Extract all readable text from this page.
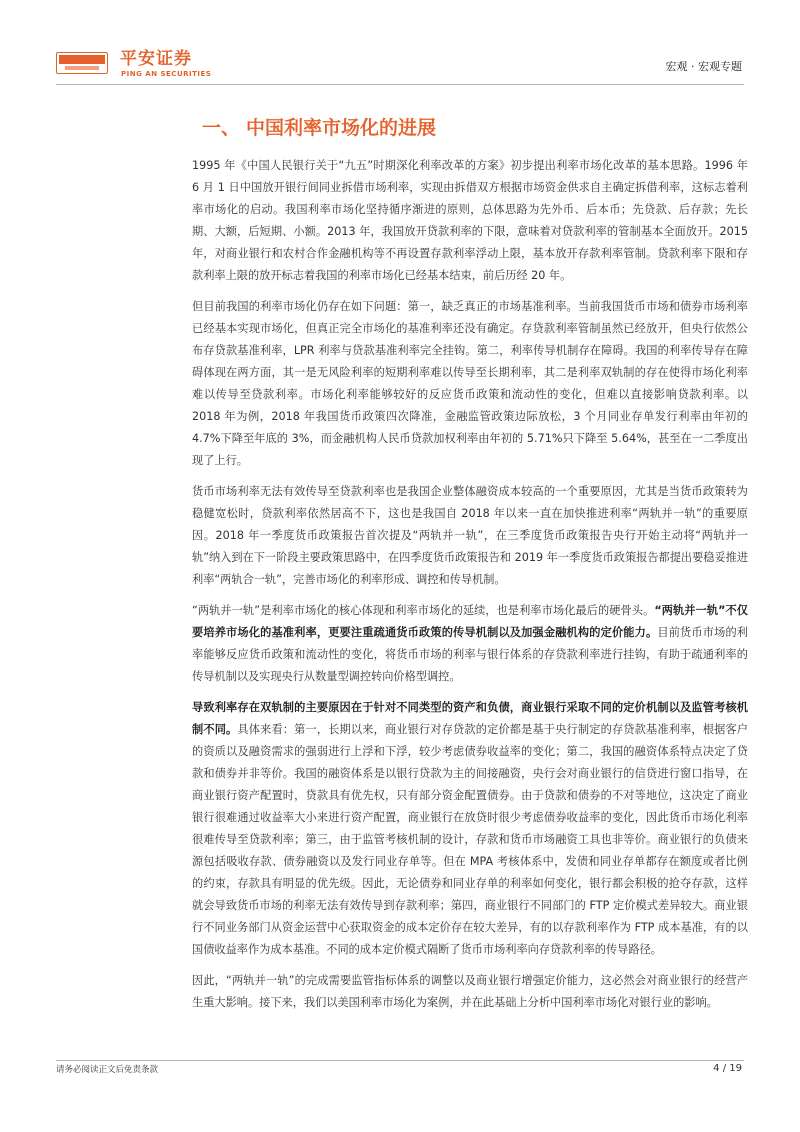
平安证券
PING AN SECURITIES
宏观 · 宏观专题
一、 中国利率市场化的进展

1995 年《中国人民银行关于“九五”时期深化利率改革的方案》初步提出利率市场化改革的基本思路。1996 年 6 月 1 日中国放开银行间同业拆借市场利率，实现由拆借双方根据市场资金供求自主确定拆借利率，这标志着利率市场化的启动。我国利率市场化坚持循序渐进的原则，总体思路为先外币、后本币；先贷款、后存款；先长期、大额，后短期、小额。2013 年，我国放开贷款利率的下限，意味着对贷款利率的管制基本全面放开。2015 年，对商业银行和农村合作金融机构等不再设置存款利率浮动上限，基本放开存款利率管制。贷款利率下限和存款利率上限的放开标志着我国的利率市场化已经基本结束，前后历经 20 年。

但目前我国的利率市场化仍存在如下问题：第一，缺乏真正的市场基准利率。当前我国货币市场和债券市场利率已经基本实现市场化，但真正完全市场化的基准利率还没有确定。存贷款利率管制虽然已经放开，但央行依然公布存贷款基准利率，LPR 利率与贷款基准利率完全挂钩。第二，利率传导机制存在障碍。我国的利率传导存在障碍体现在两方面，其一是无风险利率的短期利率难以传导至长期利率，其二是利率双轨制的存在使得市场化利率难以传导至贷款利率。市场化利率能够较好的反应货币政策和流动性的变化，但难以直接影响贷款利率。以 2018 年为例，2018 年我国货币政策四次降准，金融监管政策边际放松，3 个月同业存单发行利率由年初的 4.7%下降至年底的 3%，而金融机构人民币贷款加权利率由年初的 5.71%只下降至 5.64%，甚至在一二季度出现了上行。

货币市场利率无法有效传导至贷款利率也是我国企业整体融资成本较高的一个重要原因，尤其是当货币政策转为稳健宽松时，贷款利率依然居高不下，这也是我国自 2018 年以来一直在加快推进利率“两轨并一轨”的重要原因。2018 年一季度货币政策报告首次提及“两轨并一轨”，在三季度货币政策报告央行开始主动将“两轨并一轨”纳入到在下一阶段主要政策思路中，在四季度货币政策报告和 2019 年一季度货币政策报告都提出要稳妥推进利率“两轨合一轨”，完善市场化的利率形成、调控和传导机制。

“两轨并一轨”是利率市场化的核心体现和利率市场化的延续，也是利率市场化最后的硬骨头。“两轨并一轨”不仅要培养市场化的基准利率，更要注重疏通货币政策的传导机制以及加强金融机构的定价能力。目前货币市场的利率能够反应货币政策和流动性的变化，将货币市场的利率与银行体系的存贷款利率进行挂钩，有助于疏通利率的传导机制以及实现央行从数量型调控转向价格型调控。

导致利率存在双轨制的主要原因在于针对不同类型的资产和负债，商业银行采取不同的定价机制以及监管考核机制不同。具体来看：第一，长期以来，商业银行对存贷款的定价都是基于央行制定的存贷款基准利率，根据客户的资质以及融资需求的强弱进行上浮和下浮，较少考虑债券收益率的变化；第二，我国的融资体系特点决定了贷款和债券并非等价。我国的融资体系是以银行贷款为主的间接融资，央行会对商业银行的信贷进行窗口指导，在商业银行资产配置时，贷款具有优先权，只有部分资金配置债券。由于贷款和债券的不对等地位，这决定了商业银行很难通过收益率大小来进行资产配置，商业银行在放贷时很少考虑债券收益率的变化，因此货币市场化利率很难传导至贷款利率；第三，由于监管考核机制的设计，存款和货币市场融资工具也非等价。商业银行的负债来源包括吸收存款、债券融资以及发行同业存单等。但在 MPA 考核体系中，发债和同业存单都存在额度或者比例的约束，存款具有明显的优先级。因此，无论债券和同业存单的利率如何变化，银行都会积极的抢夺存款，这样就会导致货币市场的利率无法有效传导到存款利率；第四，商业银行不同部门的 FTP 定价模式差异较大。商业银行不同业务部门从资金运营中心获取资金的成本定价存在较大差异，有的以存款利率作为 FTP 成本基准，有的以国债收益率作为成本基准。不同的成本定价模式隔断了货币市场利率向存贷款利率的传导路径。

因此，“两轨并一轨”的完成需要监管指标体系的调整以及商业银行增强定价能力，这必然会对商业银行的经营产生重大影响。接下来，我们以美国利率市场化为案例，并在此基础上分析中国利率市场化对银行业的影响。

请务必阅读正文后免责条款	4 / 19
